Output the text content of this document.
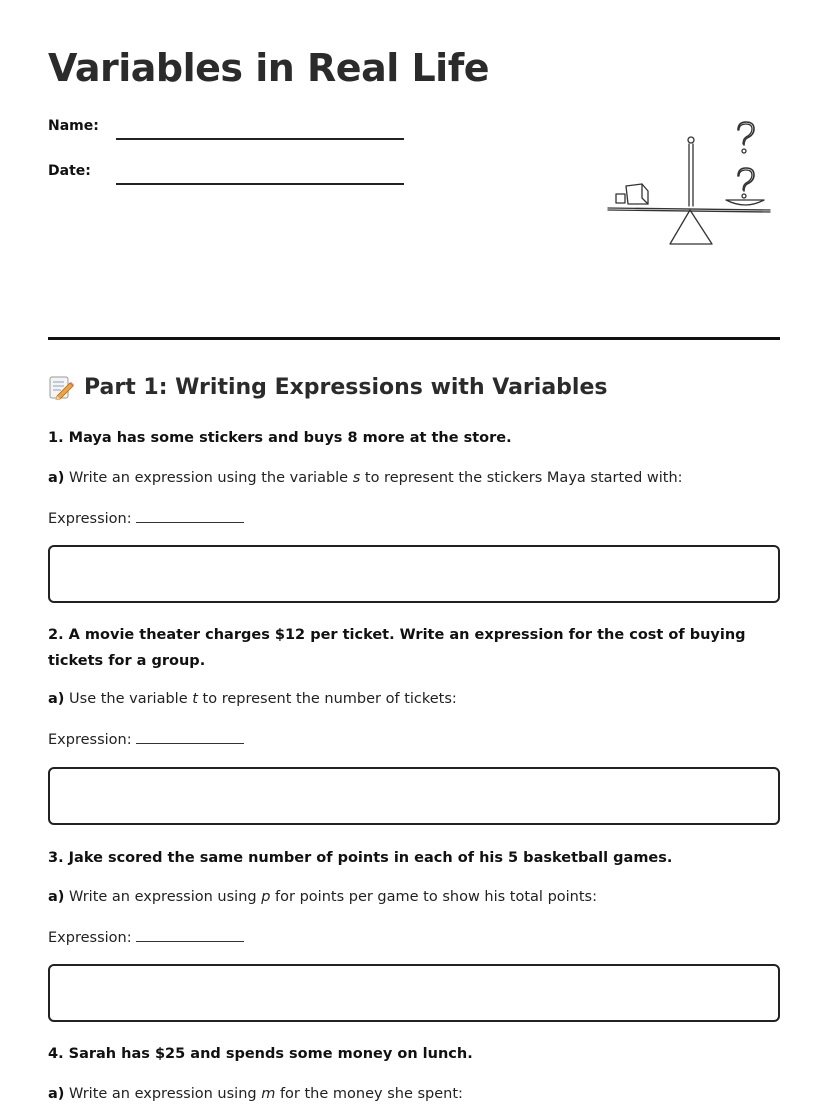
Variables in Real Life
Name:
Date:
Part 1: Writing Expressions with Variables
1. Maya has some stickers and buys 8 more at the store.
a) Write an expression using the variable s to represent the stickers Maya started with:
Expression:
2. A movie theater charges $12 per ticket. Write an expression for the cost of buying tickets for a group.
a) Use the variable t to represent the number of tickets:
Expression:
3. Jake scored the same number of points in each of his 5 basketball games.
a) Write an expression using p for points per game to show his total points:
Expression:
4. Sarah has $25 and spends some money on lunch.
a) Write an expression using m for the money she spent:
